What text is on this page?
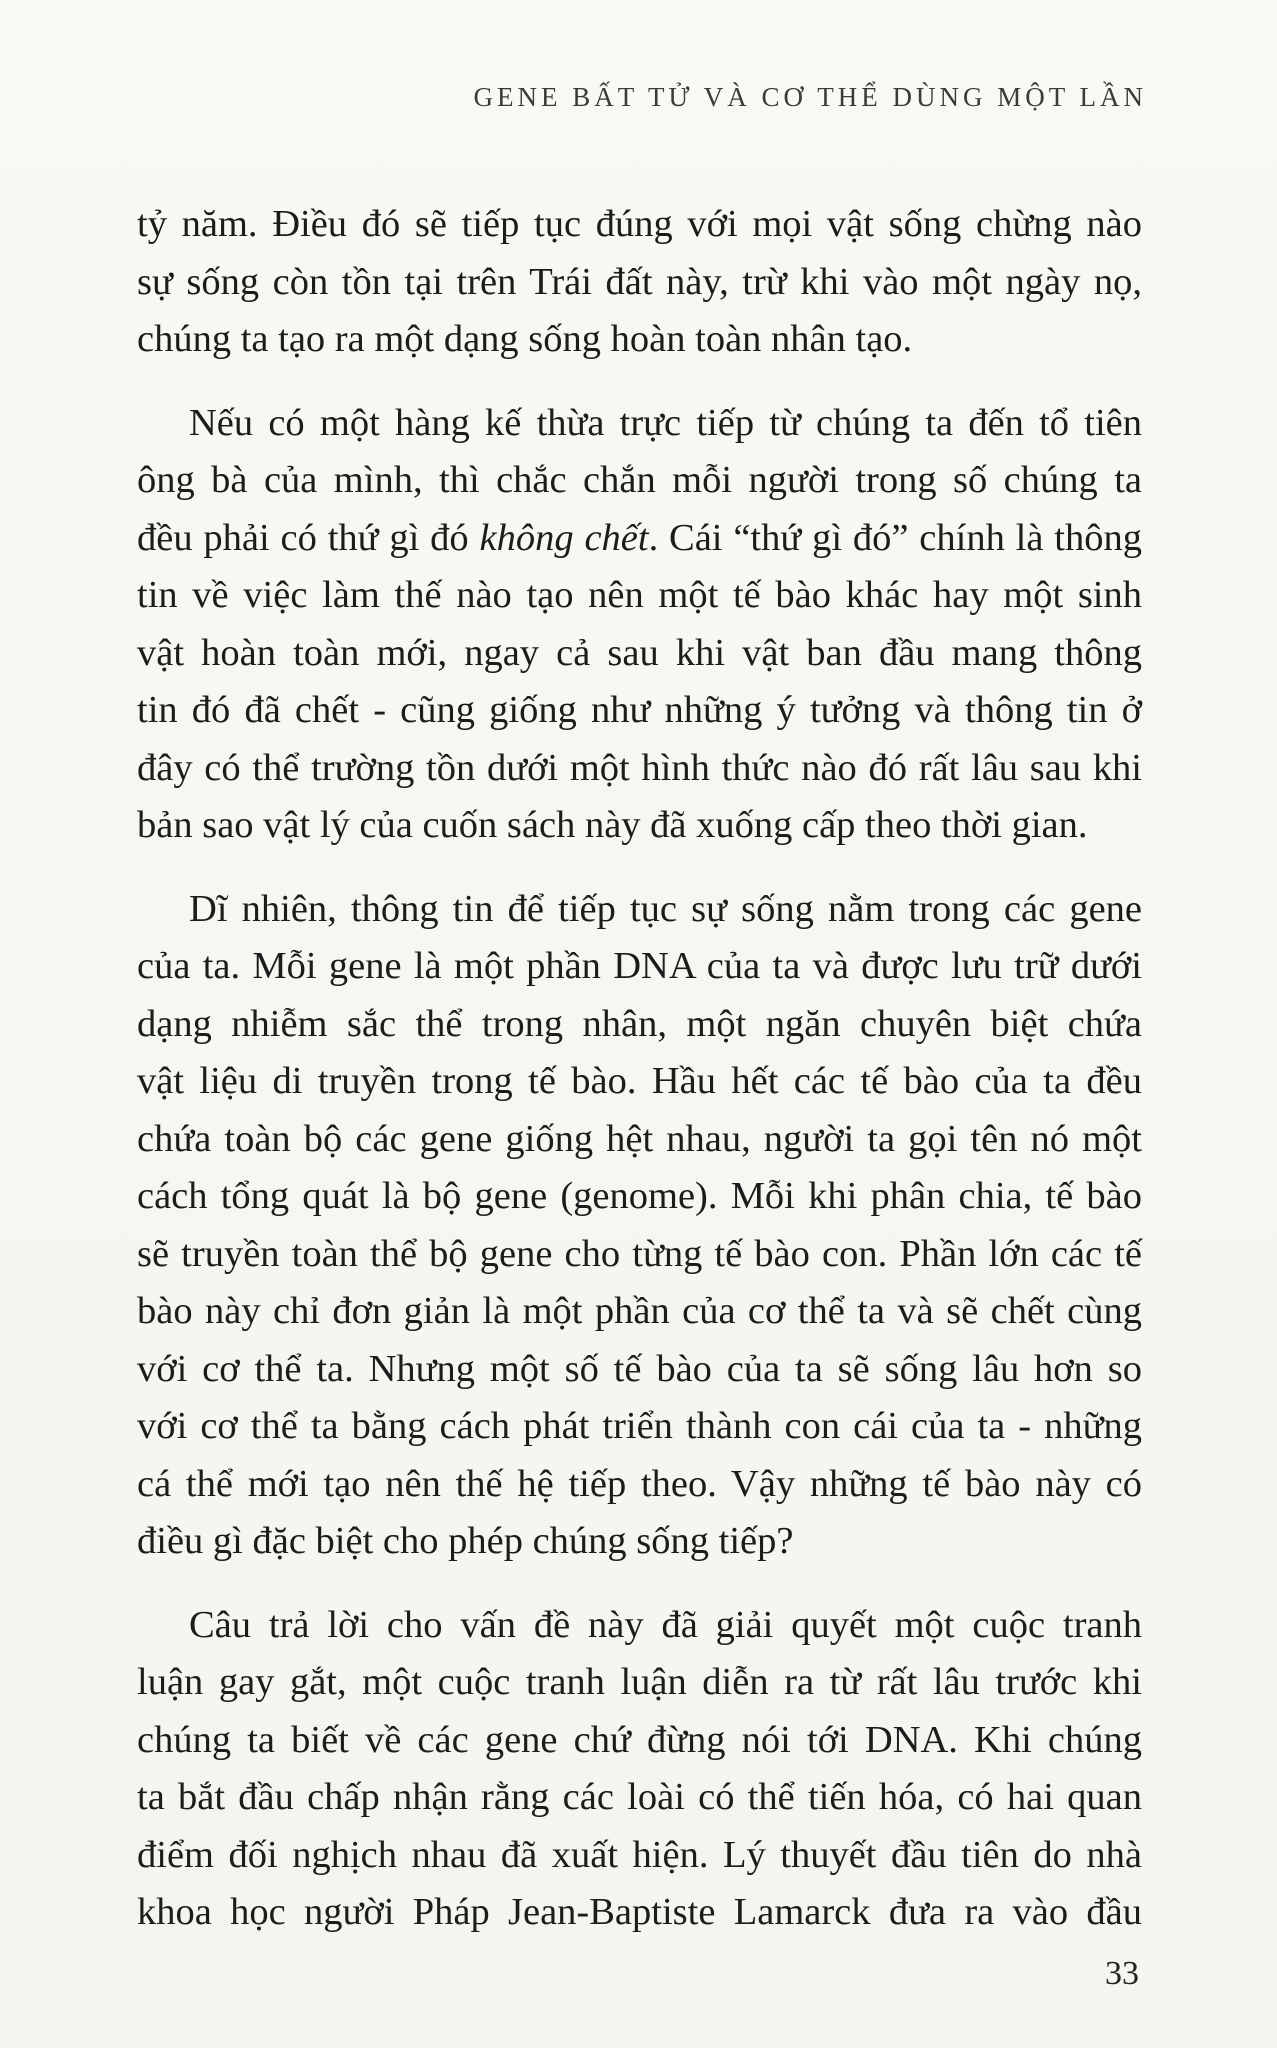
GENE BẤT TỬ VÀ CƠ THỂ DÙNG MỘT LẦN

tỷ năm. Điều đó sẽ tiếp tục đúng với mọi vật sống chừng nào
sự sống còn tồn tại trên Trái đất này, trừ khi vào một ngày nọ,
chúng ta tạo ra một dạng sống hoàn toàn nhân tạo.

Nếu có một hàng kế thừa trực tiếp từ chúng ta đến tổ tiên
ông bà của mình, thì chắc chắn mỗi người trong số chúng ta
đều phải có thứ gì đó không chết. Cái “thứ gì đó” chính là thông
tin về việc làm thế nào tạo nên một tế bào khác hay một sinh
vật hoàn toàn mới, ngay cả sau khi vật ban đầu mang thông
tin đó đã chết - cũng giống như những ý tưởng và thông tin ở
đây có thể trường tồn dưới một hình thức nào đó rất lâu sau khi
bản sao vật lý của cuốn sách này đã xuống cấp theo thời gian.

Dĩ nhiên, thông tin để tiếp tục sự sống nằm trong các gene
của ta. Mỗi gene là một phần DNA của ta và được lưu trữ dưới
dạng nhiễm sắc thể trong nhân, một ngăn chuyên biệt chứa
vật liệu di truyền trong tế bào. Hầu hết các tế bào của ta đều
chứa toàn bộ các gene giống hệt nhau, người ta gọi tên nó một
cách tổng quát là bộ gene (genome). Mỗi khi phân chia, tế bào
sẽ truyền toàn thể bộ gene cho từng tế bào con. Phần lớn các tế
bào này chỉ đơn giản là một phần của cơ thể ta và sẽ chết cùng
với cơ thể ta. Nhưng một số tế bào của ta sẽ sống lâu hơn so
với cơ thể ta bằng cách phát triển thành con cái của ta - những
cá thể mới tạo nên thế hệ tiếp theo. Vậy những tế bào này có
điều gì đặc biệt cho phép chúng sống tiếp?

Câu trả lời cho vấn đề này đã giải quyết một cuộc tranh
luận gay gắt, một cuộc tranh luận diễn ra từ rất lâu trước khi
chúng ta biết về các gene chứ đừng nói tới DNA. Khi chúng
ta bắt đầu chấp nhận rằng các loài có thể tiến hóa, có hai quan
điểm đối nghịch nhau đã xuất hiện. Lý thuyết đầu tiên do nhà
khoa học người Pháp Jean-Baptiste Lamarck đưa ra vào đầu

33
